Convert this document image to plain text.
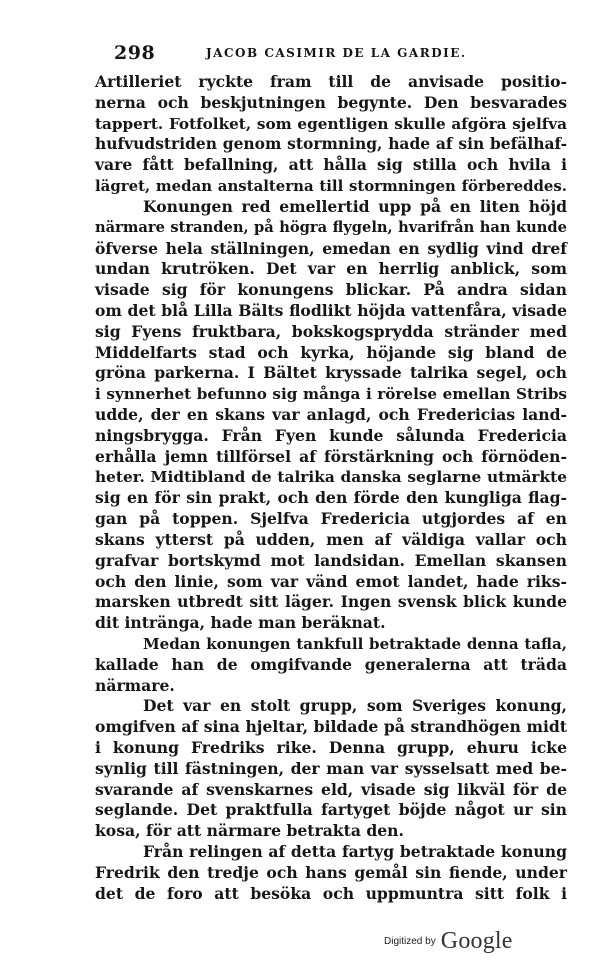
298	JACOB CASIMIR DE LA GARDIE.
Artilleriet ryckte fram till de anvisade positio-
nerna och beskjutningen begynte. Den besvarades
tappert. Fotfolket, som egentligen skulle afgöra sjelfva
hufvudstriden genom stormning, hade af sin befälhaf-
vare fått befallning, att hålla sig stilla och hvila i
lägret, medan anstalterna till stormningen förbereddes.
Konungen red emellertid upp på en liten höjd
närmare stranden, på högra flygeln, hvarifrån han kunde
öfverse hela ställningen, emedan en sydlig vind dref
undan krutröken. Det var en herrlig anblick, som
visade sig för konungens blickar. På andra sidan
om det blå Lilla Bälts flodlikt höjda vattenfåra, visade
sig Fyens fruktbara, bokskogsprydda stränder med
Middelfarts stad och kyrka, höjande sig bland de
gröna parkerna. I Bältet kryssade talrika segel, och
i synnerhet befunno sig många i rörelse emellan Stribs
udde, der en skans var anlagd, och Fredericias land-
ningsbrygga. Från Fyen kunde sålunda Fredericia
erhålla jemn tillförsel af förstärkning och förnöden-
heter. Midtibland de talrika danska seglarne utmärkte
sig en för sin prakt, och den förde den kungliga flag-
gan på toppen. Sjelfva Fredericia utgjordes af en
skans ytterst på udden, men af väldiga vallar och
grafvar bortskymd mot landsidan. Emellan skansen
och den linie, som var vänd emot landet, hade riks-
marsken utbredt sitt läger. Ingen svensk blick kunde
dit inträngа, hade man beräknat.
Medan konungen tankfull betraktade denna tafla,
kallade han de omgifvande generalerna att träda
närmare.
Det var en stolt grupp, som Sveriges konung,
omgifven af sina hjeltar, bildade på strandhögen midt
i konung Fredriks rike. Denna grupp, ehuru icke
synlig till fästningen, der man var sysselsatt med be-
svarande af svenskarnes eld, visade sig likväl för de
seglande. Det praktfulla fartyget böjde något ur sin
kosa, för att närmare betrakta den.
Från relingen af detta fartyg betraktade konung
Fredrik den tredje och hans gemål sin fiende, under
det de foro att besöka och uppmuntra sitt folk i
Digitized by Google
